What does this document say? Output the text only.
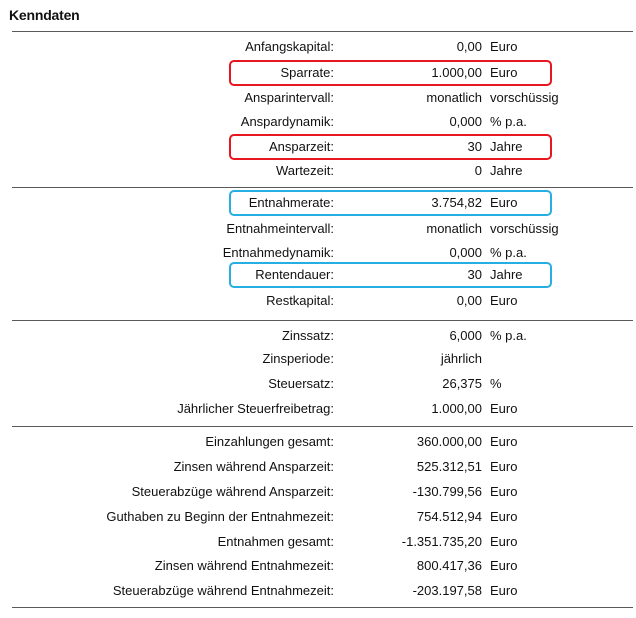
Kenndaten
Anfangskapital:	0,00 Euro
Sparrate:	1.000,00 Euro
Ansparintervall:	monatlich vorschüssig
Anspardynamik:	0,000 % p.a.
Ansparzeit:	30 Jahre
Wartezeit:	0 Jahre
Entnahmerate:	3.754,82 Euro
Entnahmeintervall:	monatlich vorschüssig
Entnahmedynamik:	0,000 % p.a.
Rentendauer:	30 Jahre
Restkapital:	0,00 Euro
Zinssatz:	6,000 % p.a.
Zinsperiode:	jährlich
Steuersatz:	26,375 %
Jährlicher Steuerfreibetrag:	1.000,00 Euro
Einzahlungen gesamt:	360.000,00 Euro
Zinsen während Ansparzeit:	525.312,51 Euro
Steuerabzüge während Ansparzeit:	-130.799,56 Euro
Guthaben zu Beginn der Entnahmezeit:	754.512,94 Euro
Entnahmen gesamt:	-1.351.735,20 Euro
Zinsen während Entnahmezeit:	800.417,36 Euro
Steuerabzüge während Entnahmezeit:	-203.197,58 Euro
